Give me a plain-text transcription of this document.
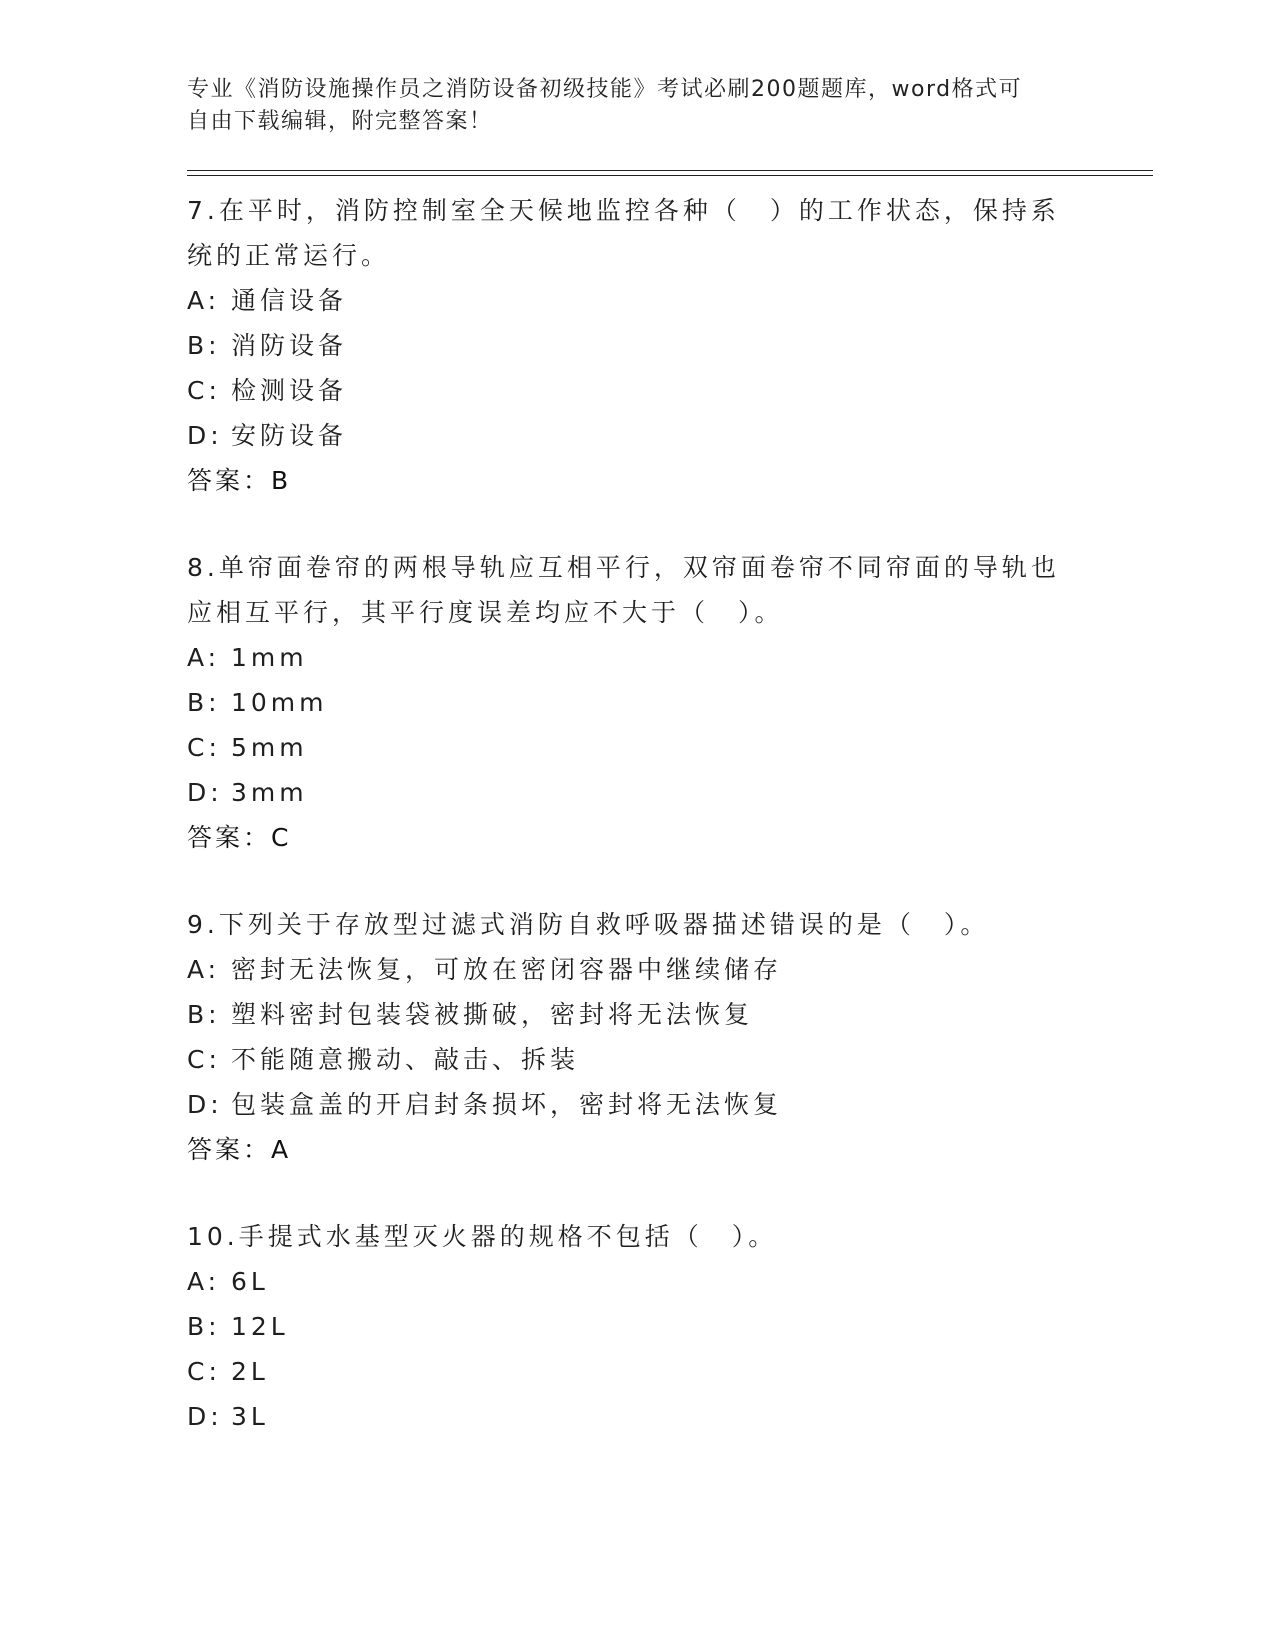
专业《消防设施操作员之消防设备初级技能》考试必刷200题题库，word格式可
自由下载编辑，附完整答案！

7.在平时，消防控制室全天候地监控各种（　）的工作状态，保持系统的正常运行。

A: 通信设备
B: 消防设备
C: 检测设备
D: 安防设备
答案：B

8.单帘面卷帘的两根导轨应互相平行，双帘面卷帘不同帘面的导轨也应相互平行，其平行度误差均应不大于（　）。

A: 1mm
B: 10mm
C: 5mm
D: 3mm
答案：C

9.下列关于存放型过滤式消防自救呼吸器描述错误的是（　）。

A: 密封无法恢复，可放在密闭容器中继续储存
B: 塑料密封包装袋被撕破，密封将无法恢复
C: 不能随意搬动、敲击、拆装
D: 包装盒盖的开启封条损坏，密封将无法恢复
答案：A

10.手提式水基型灭火器的规格不包括（　）。

A: 6L
B: 12L
C: 2L
D: 3L
